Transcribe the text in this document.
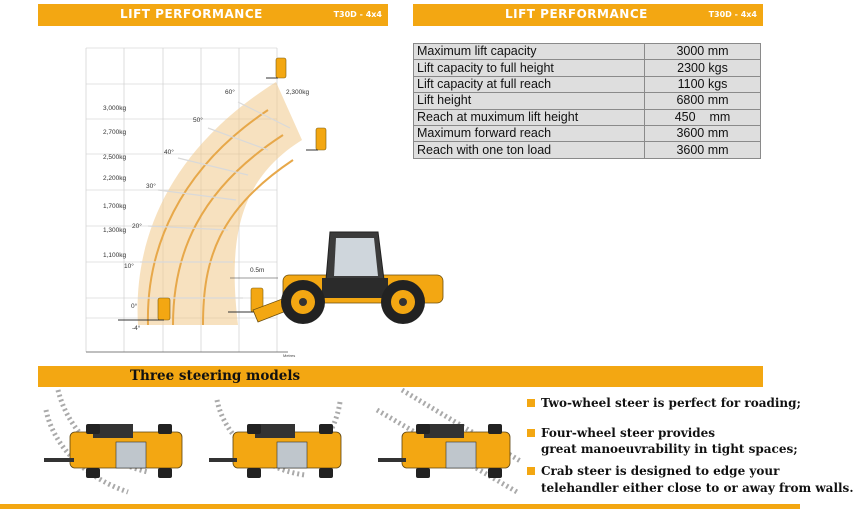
LIFT PERFORMANCE	T30D - 4x4	LIFT PERFORMANCE	T30D - 4x4
Maximum lift capacity	3000 mm
Lift capacity to full height	2300 kgs
Lift capacity at full reach	1100 kgs
Lift height	6800 mm
Reach at muximum lift height	450    mm
Maximum forward reach	3600 mm
Reach with one ton load	3600 mm
Metres
3,000kg
2,700kg
2,500kg
2,200kg
1,700kg
1,300kg
1,100kg
60°
50°
40°
30°
20°
10°
0°
-4°
2,300kg
0.5m
Three steering models
Two-wheel steer is perfect for roading;
Four-wheel steer provides
great manoeuvrability in tight spaces;
Crab steer is designed to edge your
telehandler either close to or away from walls.
